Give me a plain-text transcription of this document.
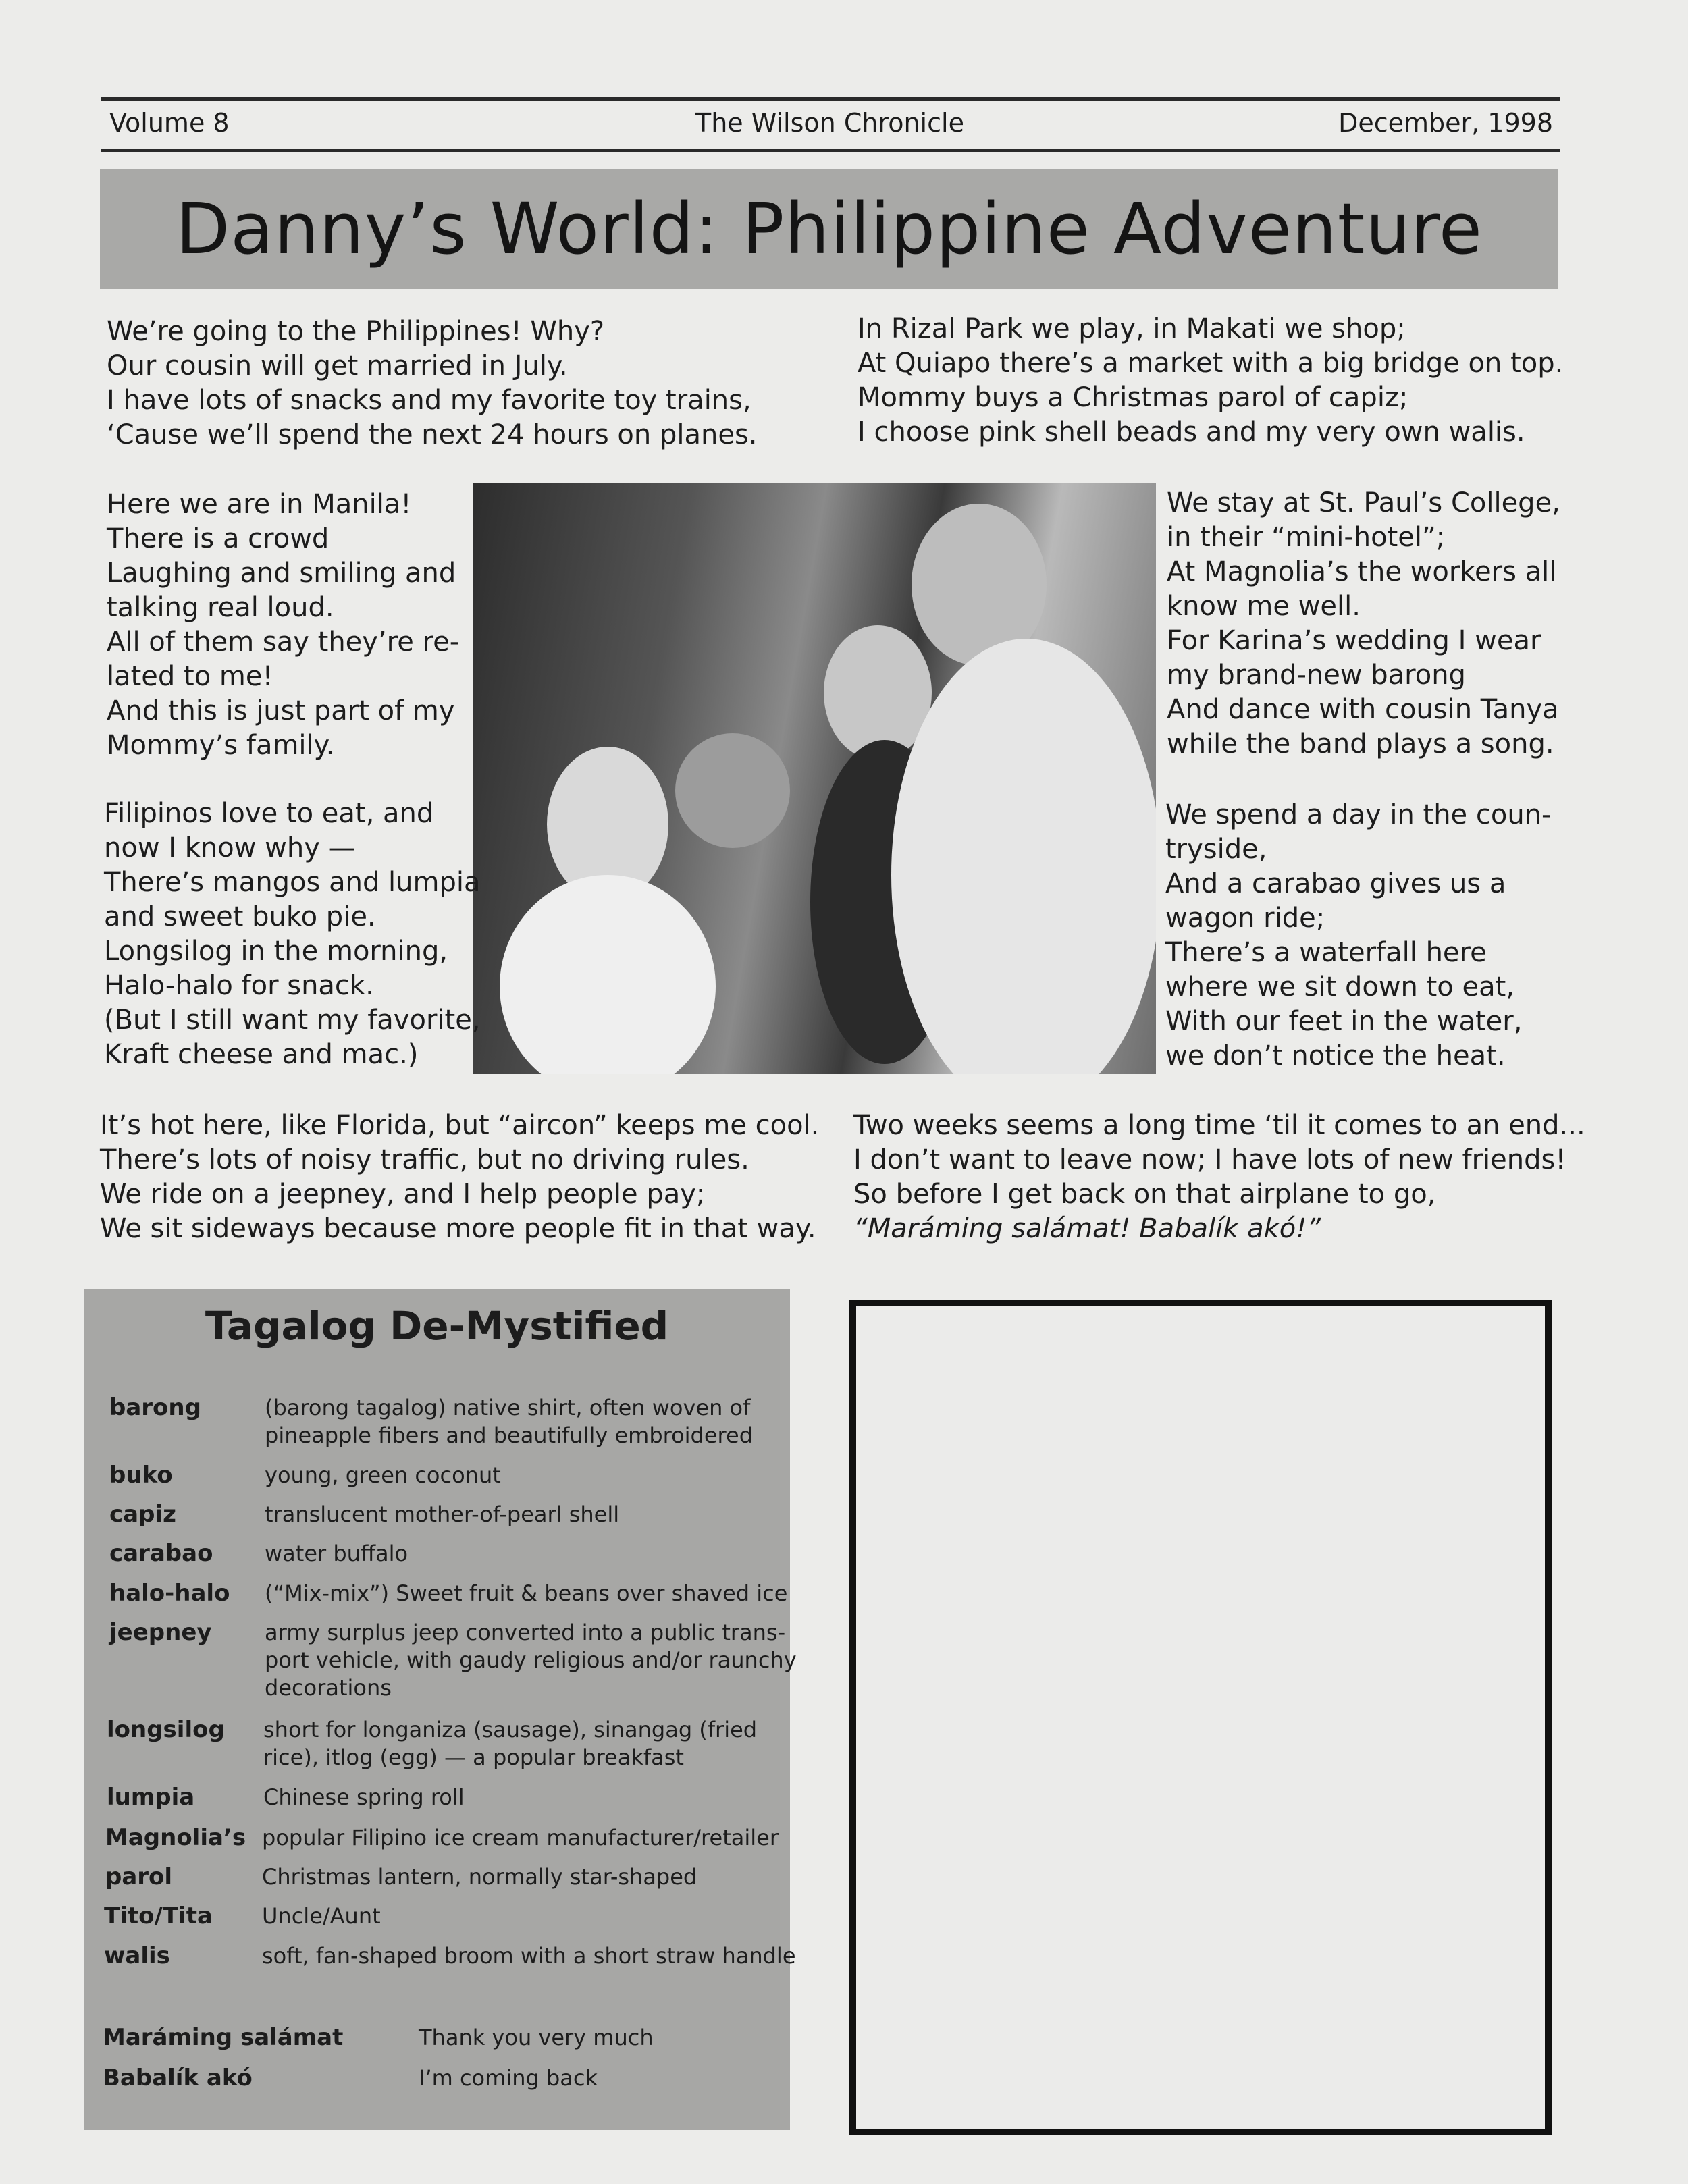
Volume 8	The Wilson Chronicle	December, 1998
Danny’s World: Philippine Adventure
We’re going to the Philippines! Why?
Our cousin will get married in July.
I have lots of snacks and my favorite toy trains,
‘Cause we’ll spend the next 24 hours on planes.
In Rizal Park we play, in Makati we shop;
At Quiapo there’s a market with a big bridge on top.
Mommy buys a Christmas parol of capiz;
I choose pink shell beads and my very own walis.
Here we are in Manila!
There is a crowd
Laughing and smiling and
talking real loud.
All of them say they’re re-
lated to me!
And this is just part of my
Mommy’s family.
We stay at St. Paul’s College,
in their “mini-hotel”;
At Magnolia’s the workers all
know me well.
For Karina’s wedding I wear
my brand-new barong
And dance with cousin Tanya
while the band plays a song.
Filipinos love to eat, and
now I know why —
There’s mangos and lumpia
and sweet buko pie.
Longsilog in the morning,
Halo-halo for snack.
(But I still want my favorite,
Kraft cheese and mac.)
We spend a day in the coun-
tryside,
And a carabao gives us a
wagon ride;
There’s a waterfall here
where we sit down to eat,
With our feet in the water,
we don’t notice the heat.
It’s hot here, like Florida, but “aircon” keeps me cool.
There’s lots of noisy traffic, but no driving rules.
We ride on a jeepney, and I help people pay;
We sit sideways because more people fit in that way.
Two weeks seems a long time ‘til it comes to an end...
I don’t want to leave now; I have lots of new friends!
So before I get back on that airplane to go,
“Maráming salámat! Babalík akó!”
Tagalog De-Mystified
barong	(barong tagalog) native shirt, often woven of
pineapple fibers and beautifully embroidered
buko	young, green coconut
capiz	translucent mother-of-pearl shell
carabao water buffalo
halo-halo (“Mix-mix”) Sweet fruit & beans over shaved ice
jeepney army surplus jeep converted into a public trans-
port vehicle, with gaudy religious and/or raunchy
decorations
longsilog short for longaniza (sausage), sinangag (fried
rice), itlog (egg) — a popular breakfast
lumpia	Chinese spring roll
Magnolia’s popular Filipino ice cream manufacturer/retailer
parol	Christmas lantern, normally star-shaped
Tito/Tita Uncle/Aunt
walis	soft, fan-shaped broom with a short straw handle
Maráming salámat	Thank you very much
Babalík akó	I’m coming back
